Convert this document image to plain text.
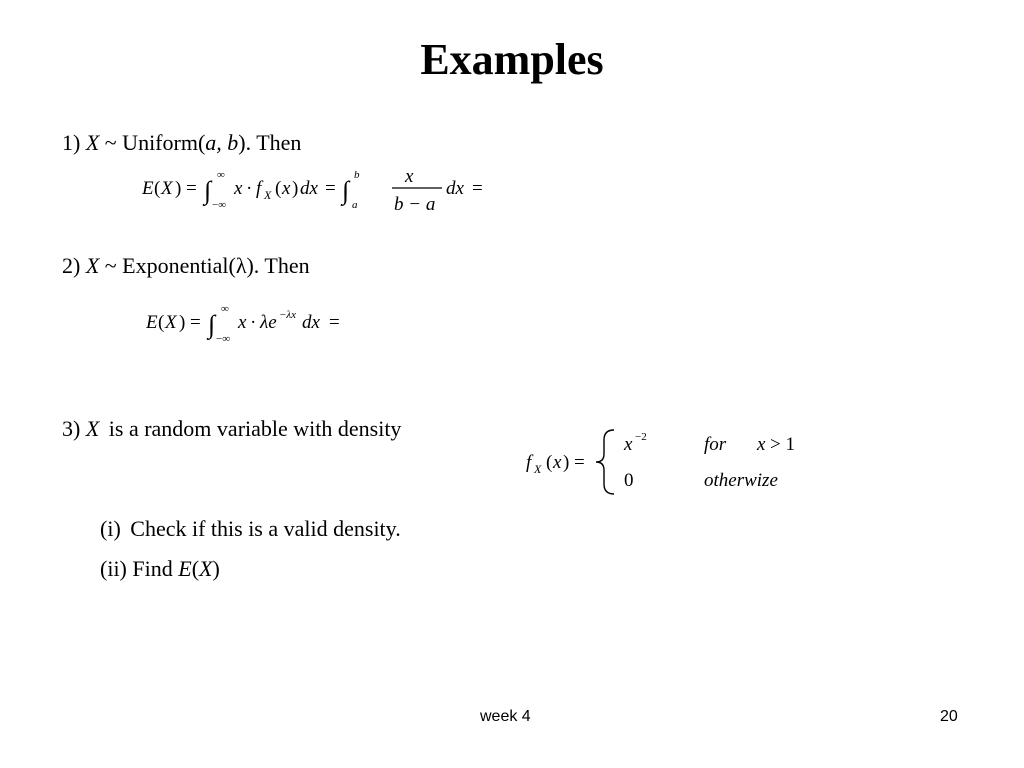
Examples
1) X ~ Uniform(a, b). Then
E ( X ) = ∫
∞
−∞
x · f X ( x ) dx = ∫
b
a
x
b − a
dx =
2) X ~ Exponential(λ). Then
E ( X ) = ∫
∞
−∞
x · λe −λx dx =
3) X is a random variable with density
f X ( x ) =
x −2	for x > 1
0	otherwize
(i) Check if this is a valid density.
(ii) Find E(X)
week 4	20
